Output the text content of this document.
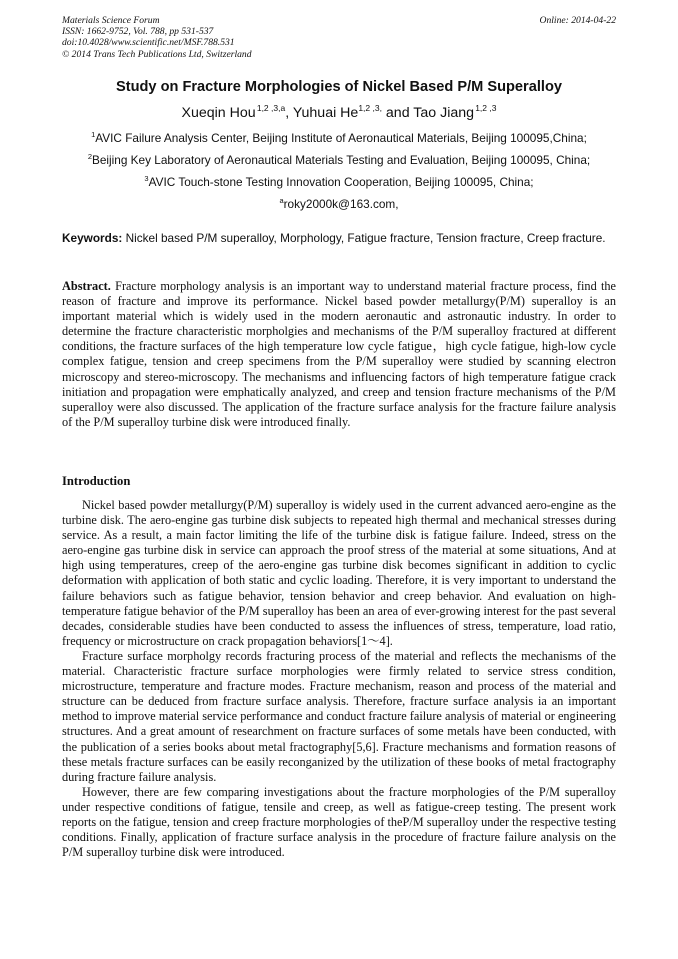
Materials Science Forum
ISSN: 1662-9752, Vol. 788, pp 531-537
doi:10.4028/www.scientific.net/MSF.788.531
© 2014 Trans Tech Publications Ltd, Switzerland
Online: 2014-04-22
Study on Fracture Morphologies of Nickel Based P/M Superalloy
Xueqin Hou $^{1,2 ,3,a}$, Yuhuai $He^{1,2 ,3,}$ and Tao Jiang $^{1,2 ,3}$
$^1$AVIC Failure Analysis Center, Beijing Institute of Aeronautical Materials, Beijing 100095,China;
$^2$Beijing Key Laboratory of Aeronautical Materials Testing and Evaluation, Beijing 100095, China;
$^3$AVIC Touch-stone Testing Innovation Cooperation, Beijing 100095, China;
$^a$roky2000k@163.com,
Keywords: Nickel based P/M superalloy, Morphology, Fatigue fracture, Tension fracture, Creep fracture.
Abstract. Fracture morphology analysis is an important way to understand material fracture process, find the reason of fracture and improve its performance. Nickel based powder metallurgy(P/M) superalloy is an important material which is widely used in the modern aeronautic and astronautic industry. In order to determine the fracture characteristic morpholgies and mechanisms of the P/M superalloy fractured at different conditions, the fracture surfaces of the high temperature low cycle fatigue，high cycle fatigue, high-low cycle complex fatigue, tension and creep specimens from the P/M superalloy were studied by scanning electron microscopy and stereo-microscopy. The mechanisms and influencing factors of high temperature fatigue crack initiation and propagation were emphatically analyzed, and creep and tension fracture mechanisms of the P/M superalloy were also discussed. The application of the fracture surface analysis for the fracture failure analysis of the P/M superalloy turbine disk were introduced finally.
Introduction

Nickel based powder metallurgy(P/M) superalloy is widely used in the current advanced aero-engine as the turbine disk. The aero-engine gas turbine disk subjects to repeated high thermal and mechanical stresses during service. As a result, a main factor limiting the life of the turbine disk is fatigue failure. Indeed, stress on the aero-engine gas turbine disk in service can approach the proof stress of the material at some situations, And at high using temperatures, creep of the aero-engine gas turbine disk becomes significant in addition to cyclic deformation with application of both static and cyclic loading. Therefore, it is very important to understand the failure behaviors such as fatigue behavior, tension behavior and creep behavior. And evaluation on high-temperature fatigue behavior of the P/M superalloy has been an area of ever-growing interest for the past several decades, considerable studies have been conducted to assess the influences of stress, temperature, load ratio, frequency or microstructure on crack propagation behaviors[1～4].

Fracture surface morpholgy records fracturing process of the material and reflects the mechanisms of the material. Characteristic fracture surface morphologies were firmly related to service stress condition, microstructure, temperature and fracture modes. Fracture mechanism, reason and process of the material and structure can be deduced from fracture surface analysis. Therefore, fracture surface analysis ia an important method to improve material service performance and conduct fracture failure analysis of material or engineering structures. And a great amount of researchment on fracture surfaces of some metals have been conducted, with the publication of a series books about metal fractography[5,6]. Fracture mechanisms and formation reasons of these metals fracture surfaces can be easily reconganized by the utilization of these books of metal fractography during fracture failure analysis.

However, there are few comparing investigations about the fracture morphologies of the P/M superalloy under respective conditions of fatigue, tensile and creep, as well as fatigue-creep testing. The present work reports on the fatigue, tension and creep fracture morphologies of theP/M superalloy under the respective testing conditions. Finally, application of fracture surface analysis in the procedure of fracture failure analysis on the P/M superalloy turbine disk were introduced.
